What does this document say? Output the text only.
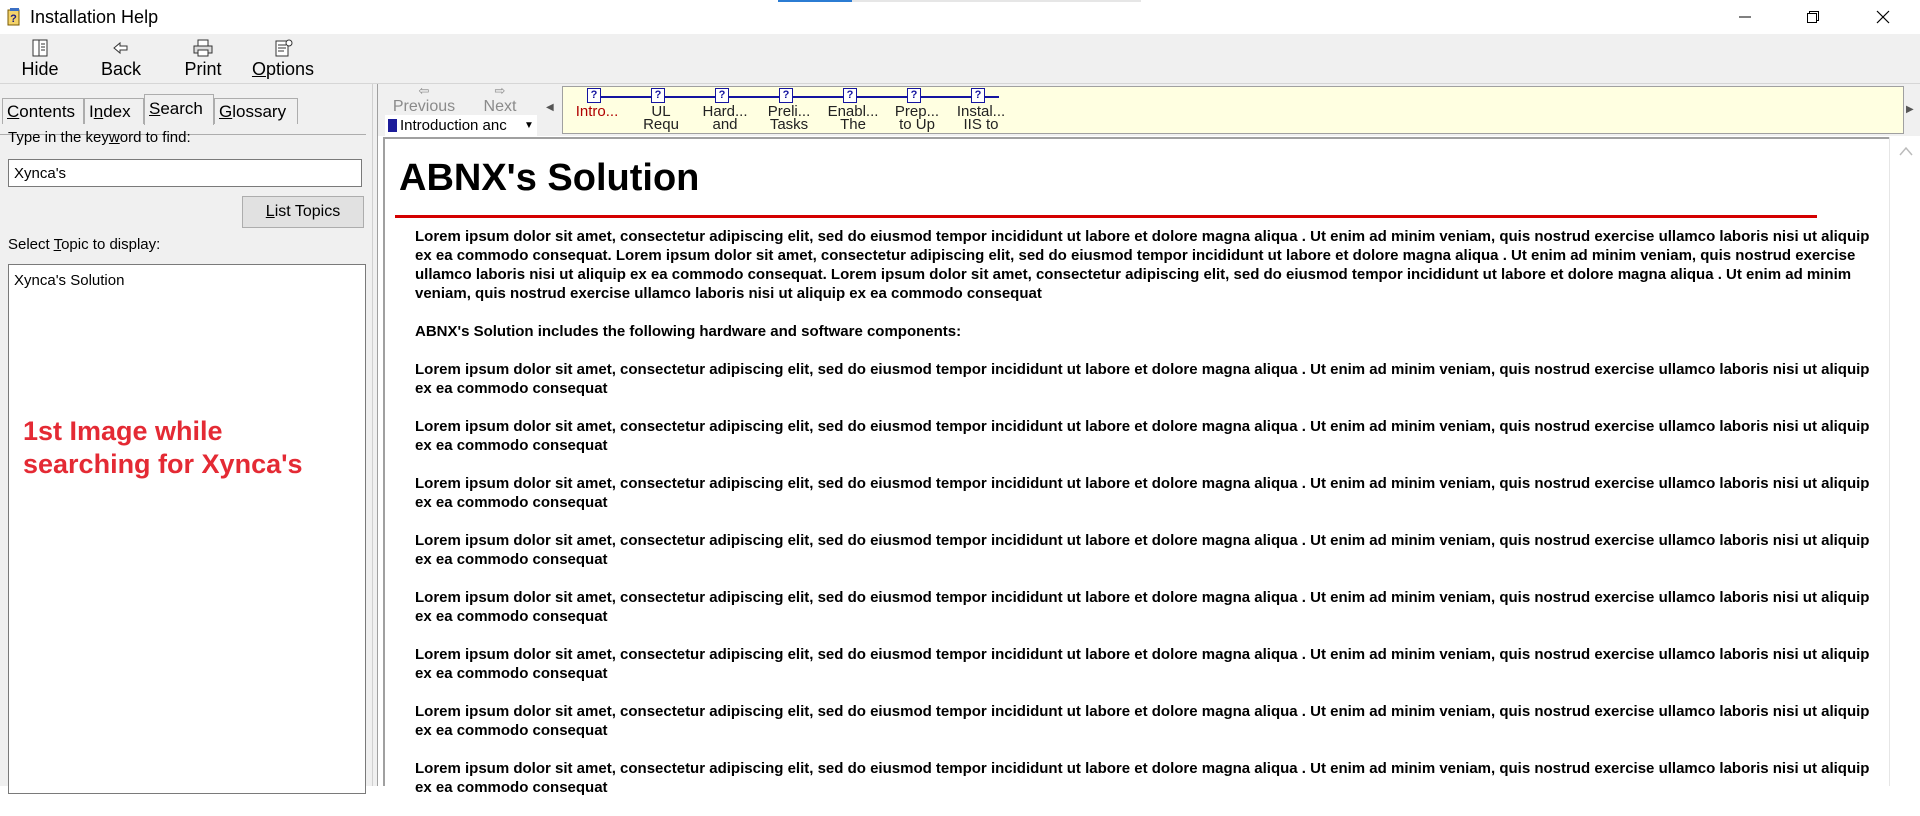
? Installation Help
Hide Back Print Options
Contents Index	Search Glossary
Type in the keyword to find:
Xynca's
L ist Topics
Select Topic to display:
Xynca's Solution
1st Image while
searching for Xynca's
⇦
Previous
⇨
Next
Introduction anc	▼
◀
?
Intro...
?
UL
Requ
?
Hard...
and
?
Preli...
Tasks
?
Enabl...
The
?
Prep...
to Up
?
Instal...
IIS to
▶
ABNX's Solution

Lorem ipsum dolor sit amet, consectetur adipiscing elit, sed do eiusmod tempor incididunt ut labore et dolore magna aliqua . Ut enim ad minim veniam, quis nostrud exercise ullamco laboris nisi ut aliquip ex ea commodo consequat. Lorem ipsum dolor sit amet, consectetur adipiscing elit, sed do eiusmod tempor incididunt ut labore et dolore magna aliqua . Ut enim ad minim veniam, quis nostrud exercise ullamco laboris nisi ut aliquip ex ea commodo consequat. Lorem ipsum dolor sit amet, consectetur adipiscing elit, sed do eiusmod tempor incididunt ut labore et dolore magna aliqua . Ut enim ad minim veniam, quis nostrud exercise ullamco laboris nisi ut aliquip ex ea commodo consequat

ABNX's Solution includes the following hardware and software components:

Lorem ipsum dolor sit amet, consectetur adipiscing elit, sed do eiusmod tempor incididunt ut labore et dolore magna aliqua . Ut enim ad minim veniam, quis nostrud exercise ullamco laboris nisi ut aliquip ex ea commodo consequat

Lorem ipsum dolor sit amet, consectetur adipiscing elit, sed do eiusmod tempor incididunt ut labore et dolore magna aliqua . Ut enim ad minim veniam, quis nostrud exercise ullamco laboris nisi ut aliquip ex ea commodo consequat

Lorem ipsum dolor sit amet, consectetur adipiscing elit, sed do eiusmod tempor incididunt ut labore et dolore magna aliqua . Ut enim ad minim veniam, quis nostrud exercise ullamco laboris nisi ut aliquip ex ea commodo consequat

Lorem ipsum dolor sit amet, consectetur adipiscing elit, sed do eiusmod tempor incididunt ut labore et dolore magna aliqua . Ut enim ad minim veniam, quis nostrud exercise ullamco laboris nisi ut aliquip ex ea commodo consequat

Lorem ipsum dolor sit amet, consectetur adipiscing elit, sed do eiusmod tempor incididunt ut labore et dolore magna aliqua . Ut enim ad minim veniam, quis nostrud exercise ullamco laboris nisi ut aliquip ex ea commodo consequat

Lorem ipsum dolor sit amet, consectetur adipiscing elit, sed do eiusmod tempor incididunt ut labore et dolore magna aliqua . Ut enim ad minim veniam, quis nostrud exercise ullamco laboris nisi ut aliquip ex ea commodo consequat

Lorem ipsum dolor sit amet, consectetur adipiscing elit, sed do eiusmod tempor incididunt ut labore et dolore magna aliqua . Ut enim ad minim veniam, quis nostrud exercise ullamco laboris nisi ut aliquip ex ea commodo consequat

Lorem ipsum dolor sit amet, consectetur adipiscing elit, sed do eiusmod tempor incididunt ut labore et dolore magna aliqua . Ut enim ad minim veniam, quis nostrud exercise ullamco laboris nisi ut aliquip ex ea commodo consequat
